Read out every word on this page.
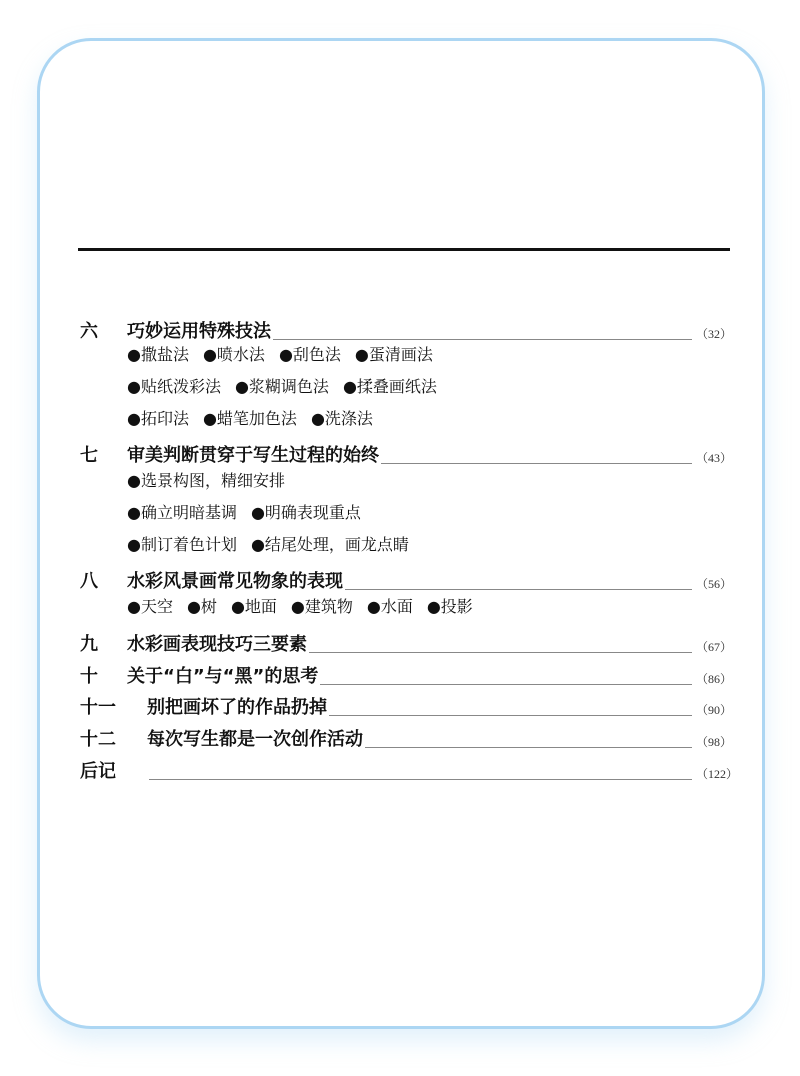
六	巧妙运用特殊技法	（32）
●撒盐法 ●喷水法 ●刮色法 ●蛋清画法
●贴纸泼彩法 ●浆糊调色法 ●揉叠画纸法
●拓印法 ●蜡笔加色法 ●洗涤法
七	审美判断贯穿于写生过程的始终	（43）
●选景构图，精细安排
●确立明暗基调 ●明确表现重点
●制订着色计划 ●结尾处理，画龙点睛
八	水彩风景画常见物象的表现	（56）
●天空 ●树 ●地面 ●建筑物 ●水面 ●投影
九	水彩画表现技巧三要素	（67）
十	关于“白”与“黑”的思考	（86）
十一	别把画坏了的作品扔掉	（90）
十二	每次写生都是一次创作活动	（98）
后记	（122）
